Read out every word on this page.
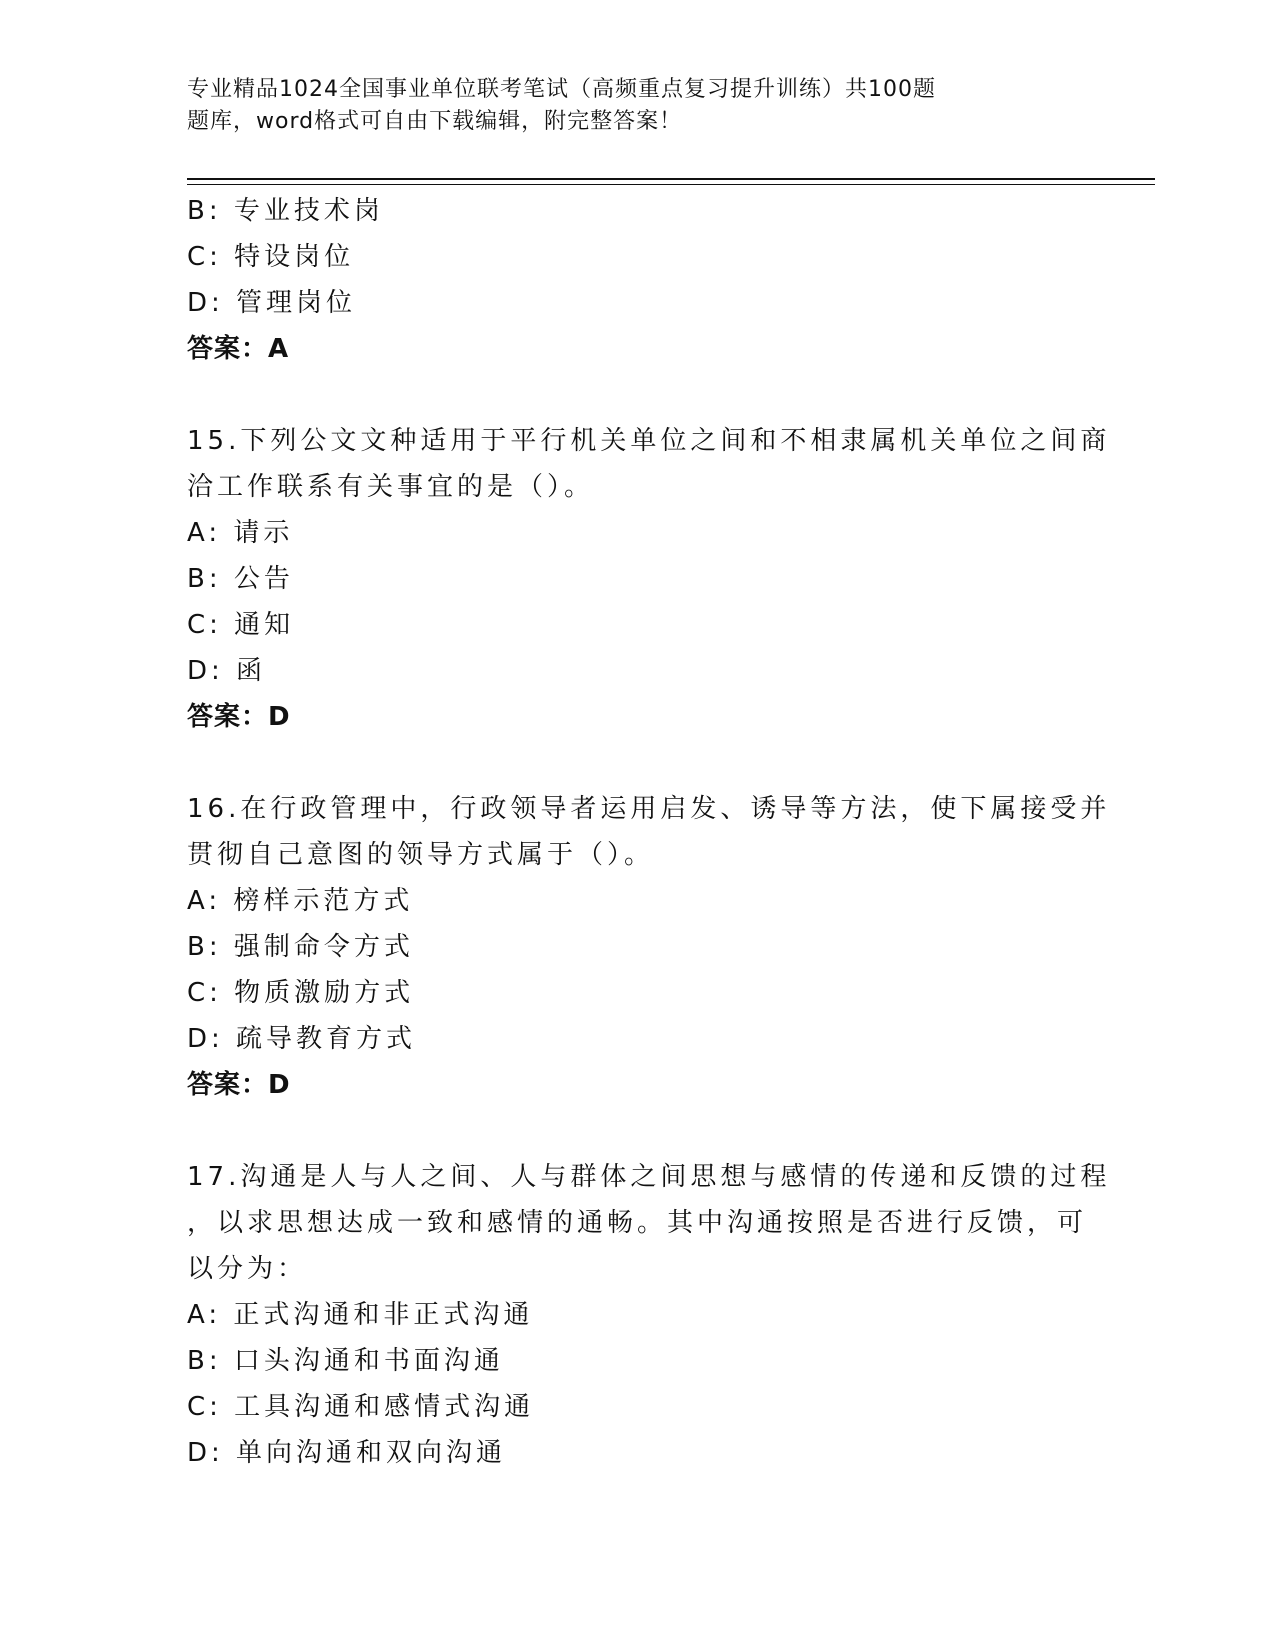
专业精品1024全国事业单位联考笔试（高频重点复习提升训练）共100题
题库，word格式可自由下载编辑，附完整答案！
B: 专业技术岗
C: 特设岗位
D: 管理岗位
答案：A
15.下列公文文种适用于平行机关单位之间和不相隶属机关单位之间商
洽工作联系有关事宜的是（）。
A: 请示
B: 公告
C: 通知
D: 函
答案：D
16.在行政管理中，行政领导者运用启发、诱导等方法，使下属接受并
贯彻自己意图的领导方式属于（）。
A: 榜样示范方式
B: 强制命令方式
C: 物质激励方式
D: 疏导教育方式
答案：D
17.沟通是人与人之间、人与群体之间思想与感情的传递和反馈的过程
，以求思想达成一致和感情的通畅。其中沟通按照是否进行反馈，可
以分为：
A: 正式沟通和非正式沟通
B: 口头沟通和书面沟通
C: 工具沟通和感情式沟通
D: 单向沟通和双向沟通
